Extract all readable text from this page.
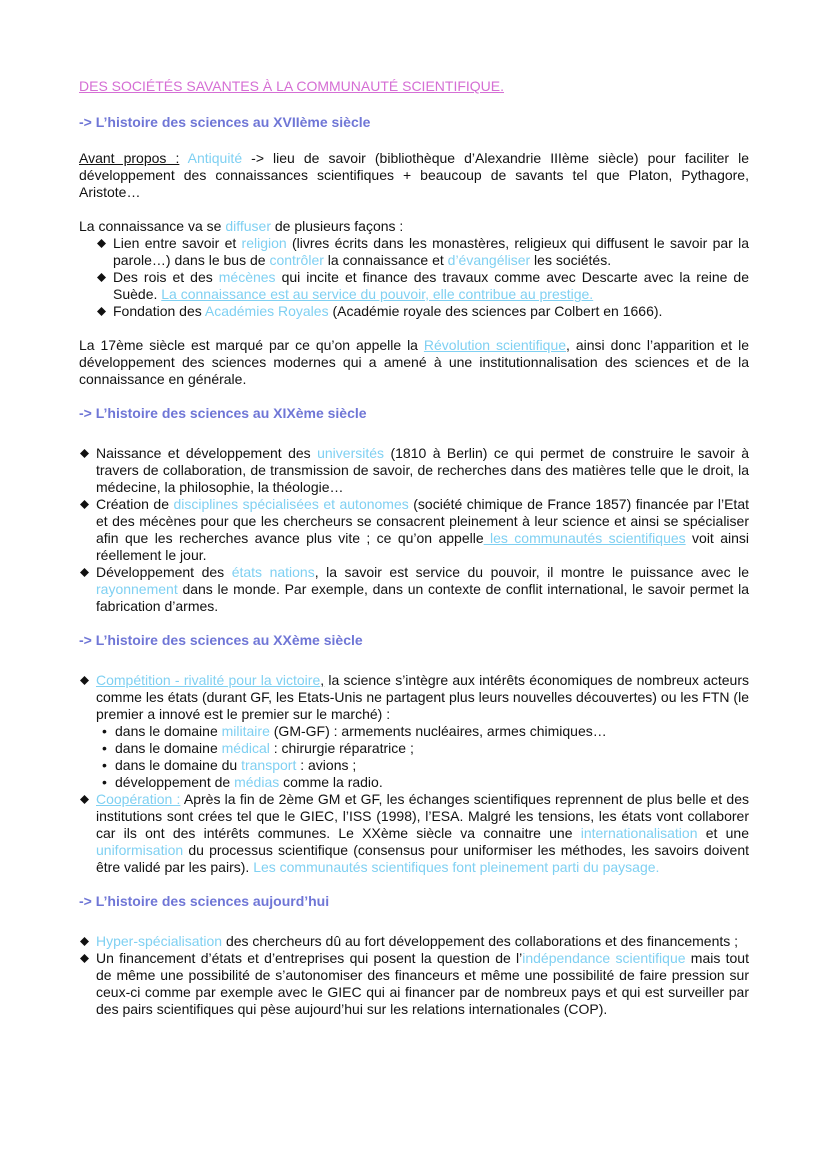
DES SOCIÉTÉS SAVANTES À LA COMMUNAUTÉ SCIENTIFIQUE.
-> L’histoire des sciences au XVIIème siècle
Avant propos : Antiquité -> lieu de savoir (bibliothèque d’Alexandrie IIIème siècle) pour faciliter le développement des connaissances scientifiques + beaucoup de savants tel que Platon, Pythagore, Aristote…
La connaissance va se diffuser de plusieurs façons :
Lien entre savoir et religion (livres écrits dans les monastères, religieux qui diffusent le savoir par la parole…) dans le bus de contrôler la connaissance et d’évangéliser les sociétés.
Des rois et des mécènes qui incite et finance des travaux comme avec Descarte avec la reine de Suède. La connaissance est au service du pouvoir, elle contribue au prestige.
Fondation des Académies Royales (Académie royale des sciences par Colbert en 1666).
La 17ème siècle est marqué par ce qu’on appelle la Révolution scientifique, ainsi donc l’apparition et le développement des sciences modernes qui a amené à une institutionnalisation des sciences et de la connaissance en générale.
-> L’histoire des sciences au XIXème siècle
Naissance et développement des universités (1810 à Berlin) ce qui permet de construire le savoir à travers de collaboration, de transmission de savoir, de recherches dans des matières telle que le droit, la médecine, la philosophie, la théologie…
Création de disciplines spécialisées et autonomes (société chimique de France 1857) financée par l’Etat et des mécènes pour que les chercheurs se consacrent pleinement à leur science et ainsi se spécialiser afin que les recherches avance plus vite ; ce qu’on appelle les communautés scientifiques voit ainsi réellement le jour.
Développement des états nations, la savoir est service du pouvoir, il montre le puissance avec le rayonnement dans le monde. Par exemple, dans un contexte de conflit international, le savoir permet la fabrication d’armes.
-> L’histoire des sciences au XXème siècle
Compétition - rivalité pour la victoire, la science s’intègre aux intérêts économiques de nombreux acteurs comme les états (durant GF, les Etats-Unis ne partagent plus leurs nouvelles découvertes) ou les FTN (le premier a innové est le premier sur le marché) :
• dans le domaine militaire (GM-GF) : armements nucléaires, armes chimiques…
• dans le domaine médical : chirurgie réparatrice ;
• dans le domaine du transport : avions ;
• développement de médias comme la radio.
Coopération : Après la fin de 2ème GM et GF, les échanges scientifiques reprennent de plus belle et des institutions sont crées tel que le GIEC, l’ISS (1998), l’ESA. Malgré les tensions, les états vont collaborer car ils ont des intérêts communes. Le XXème siècle va connaitre une internationalisation et une uniformisation du processus scientifique (consensus pour uniformiser les méthodes, les savoirs doivent être validé par les pairs). Les communautés scientifiques font pleinement parti du paysage.
-> L’histoire des sciences aujourd’hui
Hyper-spécialisation des chercheurs dû au fort développement des collaborations et des financements ;
Un financement d’états et d’entreprises qui posent la question de l’indépendance scientifique mais tout de même une possibilité de s’autonomiser des financeurs et même une possibilité de faire pression sur ceux-ci comme par exemple avec le GIEC qui ai financer par de nombreux pays et qui est surveiller par des pairs scientifiques qui pèse aujourd’hui sur les relations internationales (COP).
